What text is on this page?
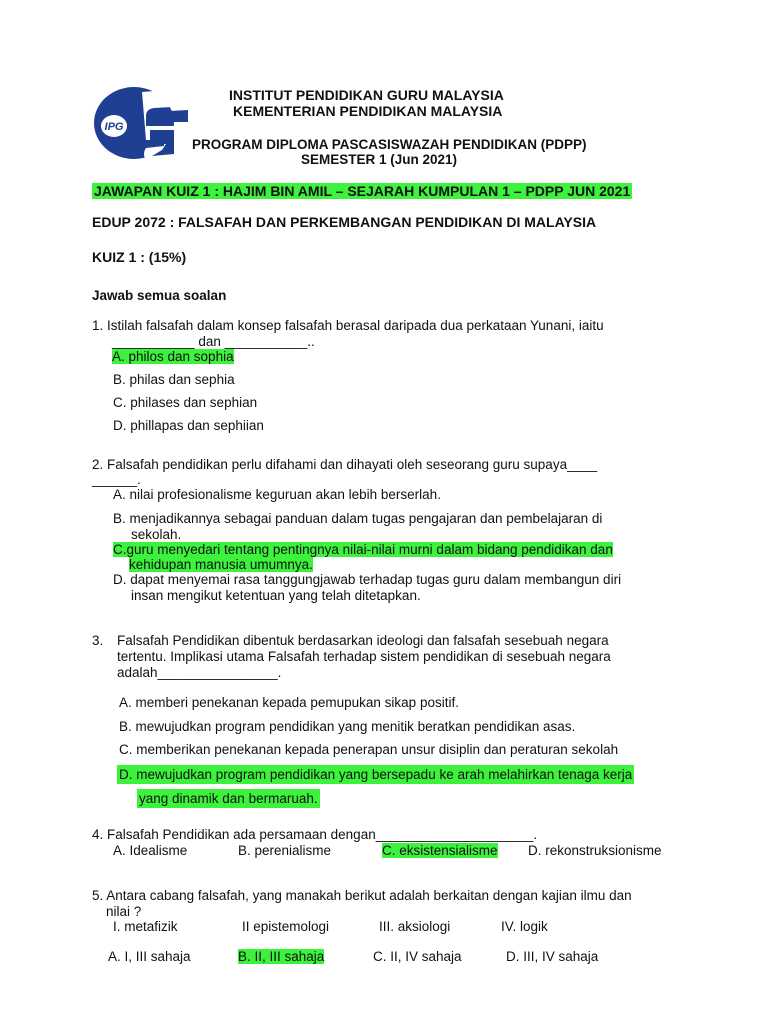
IPG
INSTITUT PENDIDIKAN GURU MALAYSIA
KEMENTERIAN PENDIDIKAN MALAYSIA
PROGRAM DIPLOMA PASCASISWAZAH PENDIDIKAN (PDPP)
SEMESTER 1 (Jun 2021)
JAWAPAN KUIZ 1 : HAJIM BIN AMIL – SEJARAH KUMPULAN 1 – PDPP JUN 2021
EDUP 2072 : FALSAFAH DAN PERKEMBANGAN PENDIDIKAN DI MALAYSIA
KUIZ 1 : (15%)
Jawab semua soalan
1. Istilah falsafah dalam konsep falsafah berasal daripada dua perkataan Yunani, iaitu
___________ dan ___________..
A. philos dan sophia
B. philas dan sephia
C. philases dan sephian
D. phillapas dan sephiian
2. Falsafah pendidikan perlu difahami dan dihayati oleh seseorang guru supaya____
______.
A. nilai profesionalisme keguruan akan lebih berserlah.
B. menjadikannya sebagai panduan dalam tugas pengajaran dan pembelajaran di
sekolah.
C.guru menyedari tentang pentingnya nilai-nilai murni dalam bidang pendidikan dan
kehidupan manusia umumnya.
D. dapat menyemai rasa tanggungjawab terhadap tugas guru dalam membangun diri
insan mengikut ketentuan yang telah ditetapkan.
3. Falsafah Pendidikan dibentuk berdasarkan ideologi dan falsafah sesebuah negara
tertentu. Implikasi utama Falsafah terhadap sistem pendidikan di sesebuah negara
adalah________________.
A. memberi penekanan kepada pemupukan sikap positif.
B. mewujudkan program pendidikan yang menitik beratkan pendidikan asas.
C. memberikan penekanan kepada penerapan unsur disiplin dan peraturan sekolah
D. mewujudkan program pendidikan yang bersepadu ke arah melahirkan tenaga kerja
yang dinamik dan bermaruah.
4. Falsafah Pendidikan ada persamaan dengan_____________________.
A. Idealisme	B. perenialisme	C. eksistensialisme D. rekonstruksionisme
5. Antara cabang falsafah, yang manakah berikut adalah berkaitan dengan kajian ilmu dan
nilai ?
I. metafizik	II epistemologi	III. aksiologi	IV. logik
A. I, III sahaja	B. II, III sahaja	C. II, IV sahaja	D. III, IV sahaja
